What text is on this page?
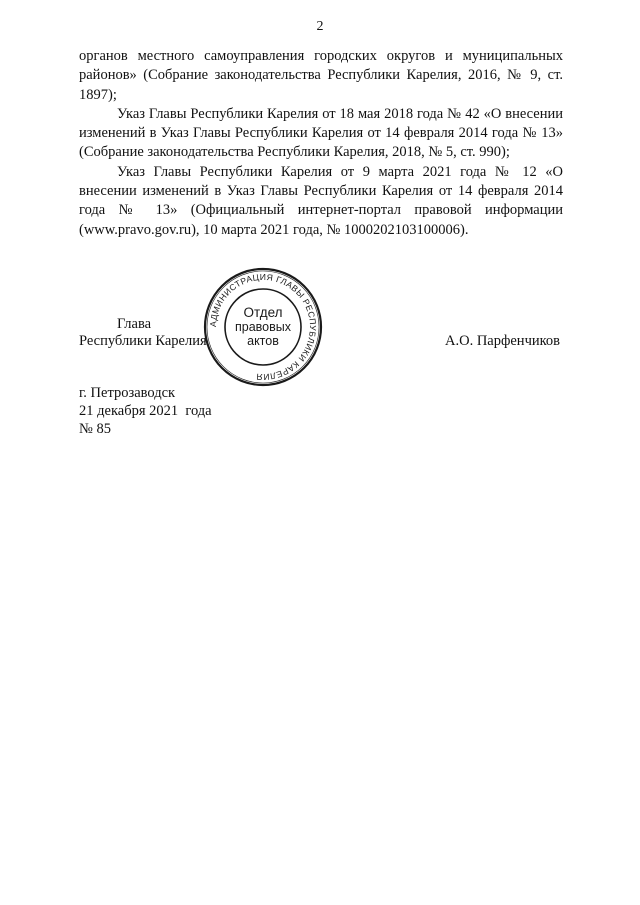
2

органов местного самоуправления городских округов и муниципальных районов» (Собрание законодательства Республики Карелия, 2016, № 9, ст. 1897);

Указ Главы Республики Карелия от 18 мая 2018 года № 42 «О внесении изменений в Указ Главы Республики Карелия от 14 февраля 2014 года № 13» (Собрание законодательства Республики Карелия, 2018, № 5, ст. 990);

Указ Главы Республики Карелия от 9 марта 2021 года № 12 «О внесении изменений в Указ Главы Республики Карелия от 14 февраля 2014 года № 13» (Официальный интернет-портал правовой информации (www.pravo.gov.ru), 10 марта 2021 года, № 1000202103100006).

Глава
Республики Карелия	А.О. Парфенчиков
АДМИНИСТРАЦИЯ ГЛАВЫ РЕСПУБЛИКИ КАРЕЛИЯ
Отдел
правовых
актов
г. Петрозаводск
21 декабря 2021  года
№ 85
